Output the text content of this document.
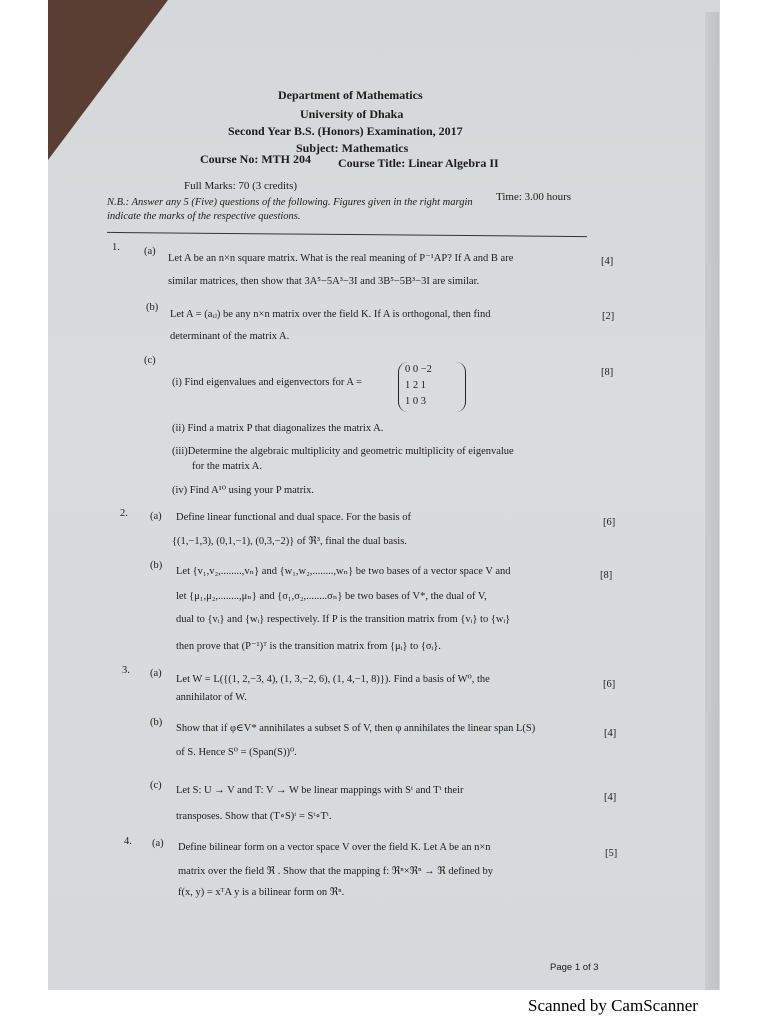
Department of Mathematics
University of Dhaka
Second Year B.S. (Honors) Examination, 2017
Subject: Mathematics
Course No: MTH 204 Course Title: Linear Algebra II
Full Marks: 70 (3 credits)
Time: 3.00 hours
N.B.: Answer any 5 (Five) questions of the following. Figures given in the right margin
indicate the marks of the respective questions.
1. (a)
Let A be an n×n square matrix. What is the real meaning of P⁻¹AP? If A and B are
similar matrices, then show that 3A⁵−5A³−3I and 3B⁵−5B³−3I are similar.
[4]
(b)
Let A = (aᵢⱼ) be any n×n matrix over the field K. If A is orthogonal, then find
determinant of the matrix A.
[2]
(c)
(i) Find eigenvalues and eigenvectors for A =
0 0 −2
1 2 1
1 0 3
[8]
(ii) Find a matrix P that diagonalizes the matrix A.
(iii)Determine the algebraic multiplicity and geometric multiplicity of eigenvalue
for the matrix A.
(iv) Find A¹⁰ using your P matrix.
2. (a) Define linear functional and dual space. For the basis of
{(1,−1,3), (0,1,−1), (0,3,−2)} of ℜ³, final the dual basis.
[6]
(b)
Let {v₁,v₂,........,vₙ} and {w₁,w₂,........,wₙ} be two bases of a vector space V and
let {μ₁,μ₂,........,μₙ} and {σ₁,σ₂,........σₙ} be two bases of V*, the dual of V,
dual to {vᵢ} and {wᵢ} respectively. If P is the transition matrix from {vᵢ} to {wᵢ}
then prove that (P⁻¹)ᵀ is the transition matrix from {μᵢ} to {σᵢ}.
[8]
3. (a)
Let W = L({(1, 2,−3, 4), (1, 3,−2, 6), (1, 4,−1, 8)}). Find a basis of W⁰, the
annihilator of W.
[6]
(b)
Show that if φ∈V* annihilates a subset S of V, then φ annihilates the linear span L(S)
of S. Hence S⁰ = (Span(S))⁰.
[4]
(c) Let S: U → V and T: V → W be linear mappings with Sᵗ and Tᵗ their
transposes. Show that (T∘S)ᵗ = Sᵗ∘Tᵗ.
[4]
4. (a) Define bilinear form on a vector space V over the field K. Let A be an n×n
matrix over the field ℜ . Show that the mapping f: ℜⁿ×ℜⁿ → ℜ defined by
f(x, y) = xᵀA y is a bilinear form on ℜⁿ.
[5]
Page 1 of 3
Scanned by CamScanner
